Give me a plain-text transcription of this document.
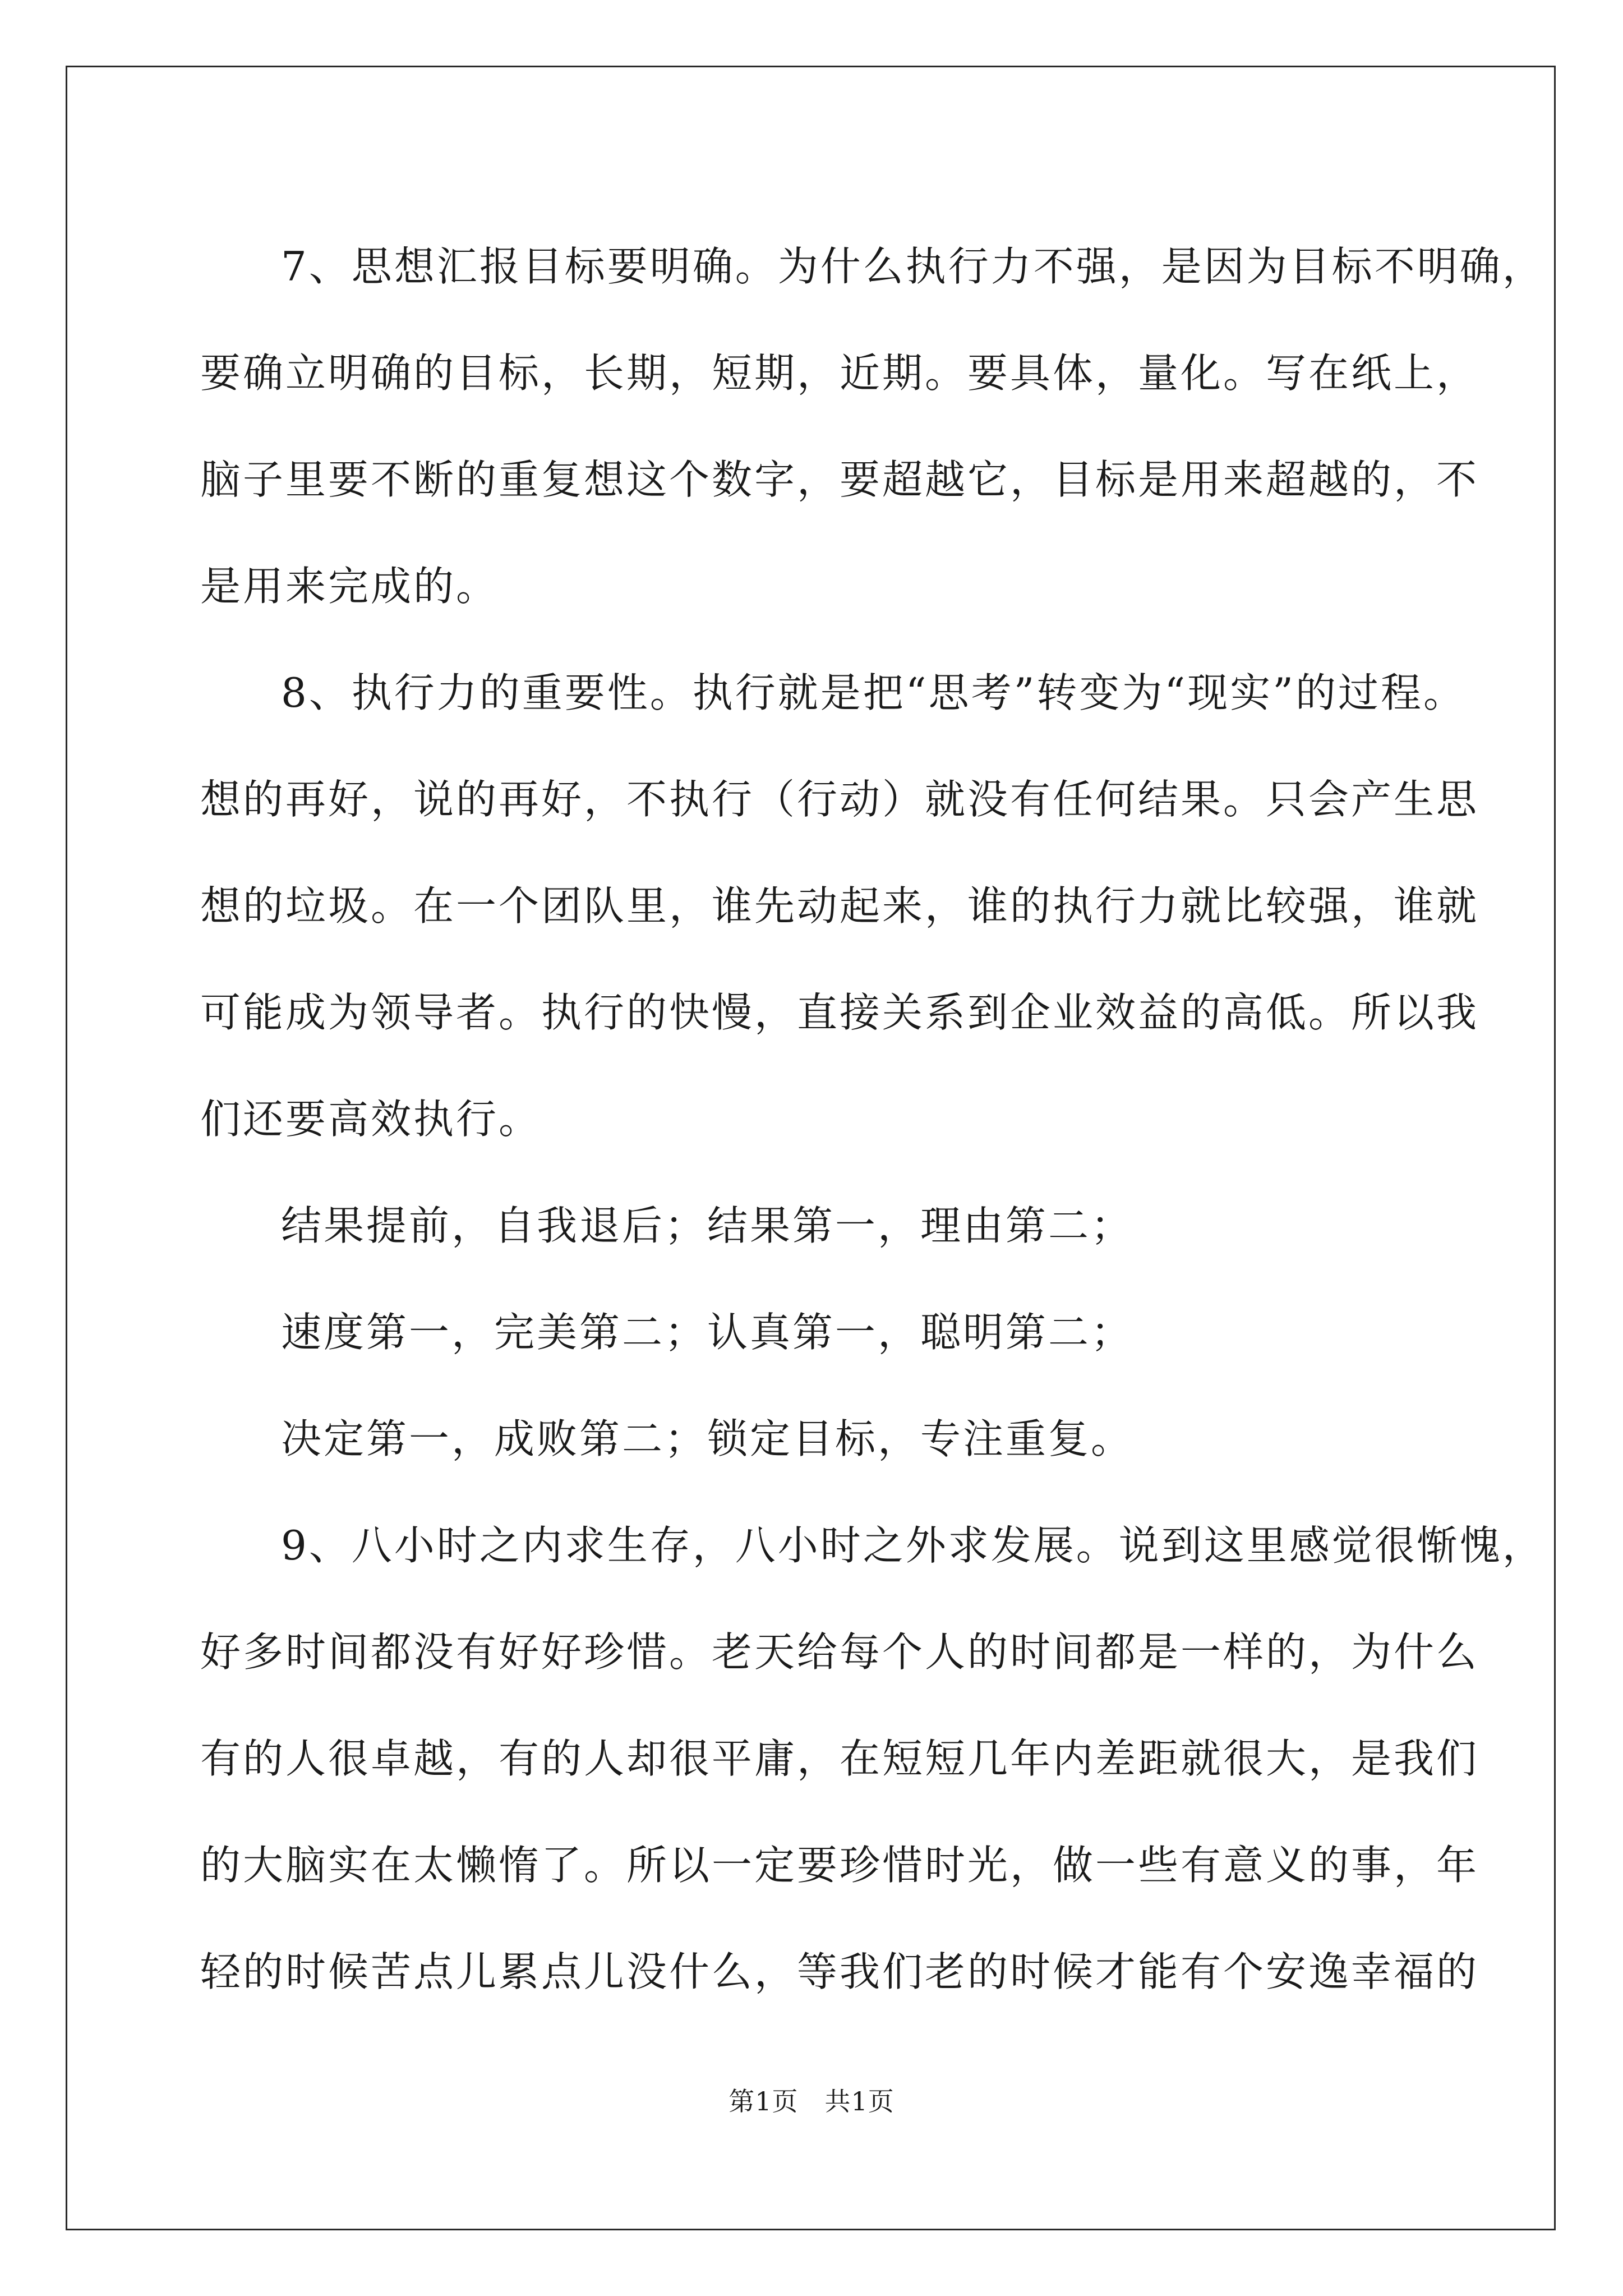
7、思想汇报目标要明确。为什么执行力不强，是因为目标不明确，
要确立明确的目标，长期，短期，近期。要具体，量化。写在纸上，
脑子里要不断的重复想这个数字，要超越它，目标是用来超越的，不
是用来完成的。
8、执行力的重要性。执行就是把“思考”转变为“现实”的过程。
想的再好，说的再好，不执行（行动）就没有任何结果。只会产生思
想的垃圾。在一个团队里，谁先动起来，谁的执行力就比较强，谁就
可能成为领导者。执行的快慢，直接关系到企业效益的高低。所以我
们还要高效执行。
结果提前，自我退后；结果第一，理由第二；
速度第一，完美第二；认真第一，聪明第二；
决定第一，成败第二；锁定目标，专注重复。
9、八小时之内求生存，八小时之外求发展。说到这里感觉很惭愧，
好多时间都没有好好珍惜。老天给每个人的时间都是一样的，为什么
有的人很卓越，有的人却很平庸，在短短几年内差距就很大，是我们
的大脑实在太懒惰了。所以一定要珍惜时光，做一些有意义的事，年
轻的时候苦点儿累点儿没什么，等我们老的时候才能有个安逸幸福的
第1页 共1页
